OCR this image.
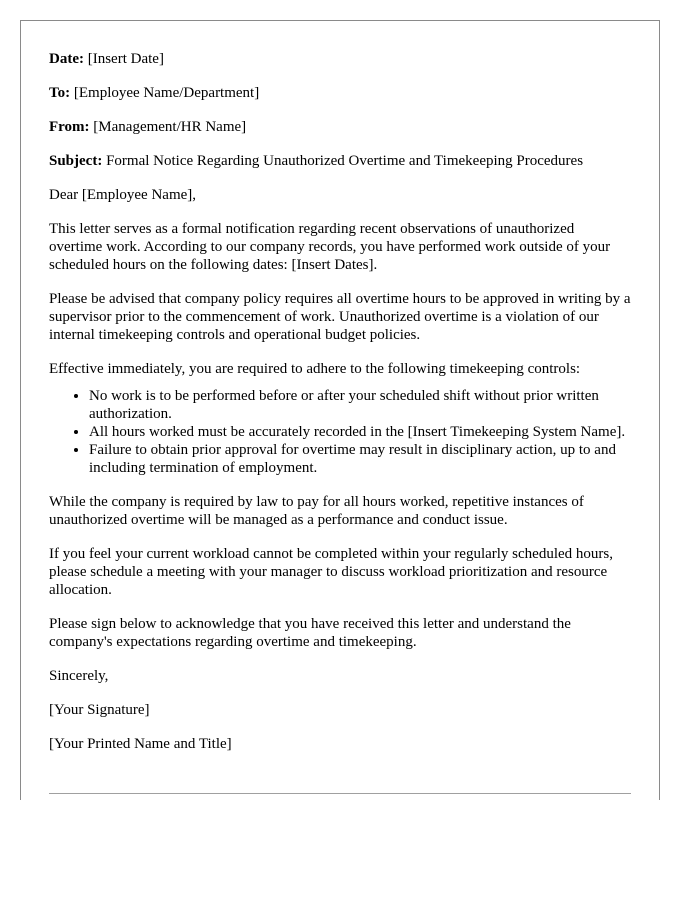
Date: [Insert Date]
To: [Employee Name/Department]
From: [Management/HR Name]
Subject: Formal Notice Regarding Unauthorized Overtime and Timekeeping Procedures

Dear [Employee Name],

This letter serves as a formal notification regarding recent observations of unauthorized overtime work. According to our company records, you have performed work outside of your scheduled hours on the following dates: [Insert Dates].

Please be advised that company policy requires all overtime hours to be approved in writing by a supervisor prior to the commencement of work. Unauthorized overtime is a violation of our internal timekeeping controls and operational budget policies.

Effective immediately, you are required to adhere to the following timekeeping controls:

• No work is to be performed before or after your scheduled shift without prior written authorization.
• All hours worked must be accurately recorded in the [Insert Timekeeping System Name].
• Failure to obtain prior approval for overtime may result in disciplinary action, up to and including termination of employment.

While the company is required by law to pay for all hours worked, repetitive instances of unauthorized overtime will be managed as a performance and conduct issue.

If you feel your current workload cannot be completed within your regularly scheduled hours, please schedule a meeting with your manager to discuss workload prioritization and resource allocation.

Please sign below to acknowledge that you have received this letter and understand the company's expectations regarding overtime and timekeeping.

Sincerely,

[Your Signature]

[Your Printed Name and Title]
